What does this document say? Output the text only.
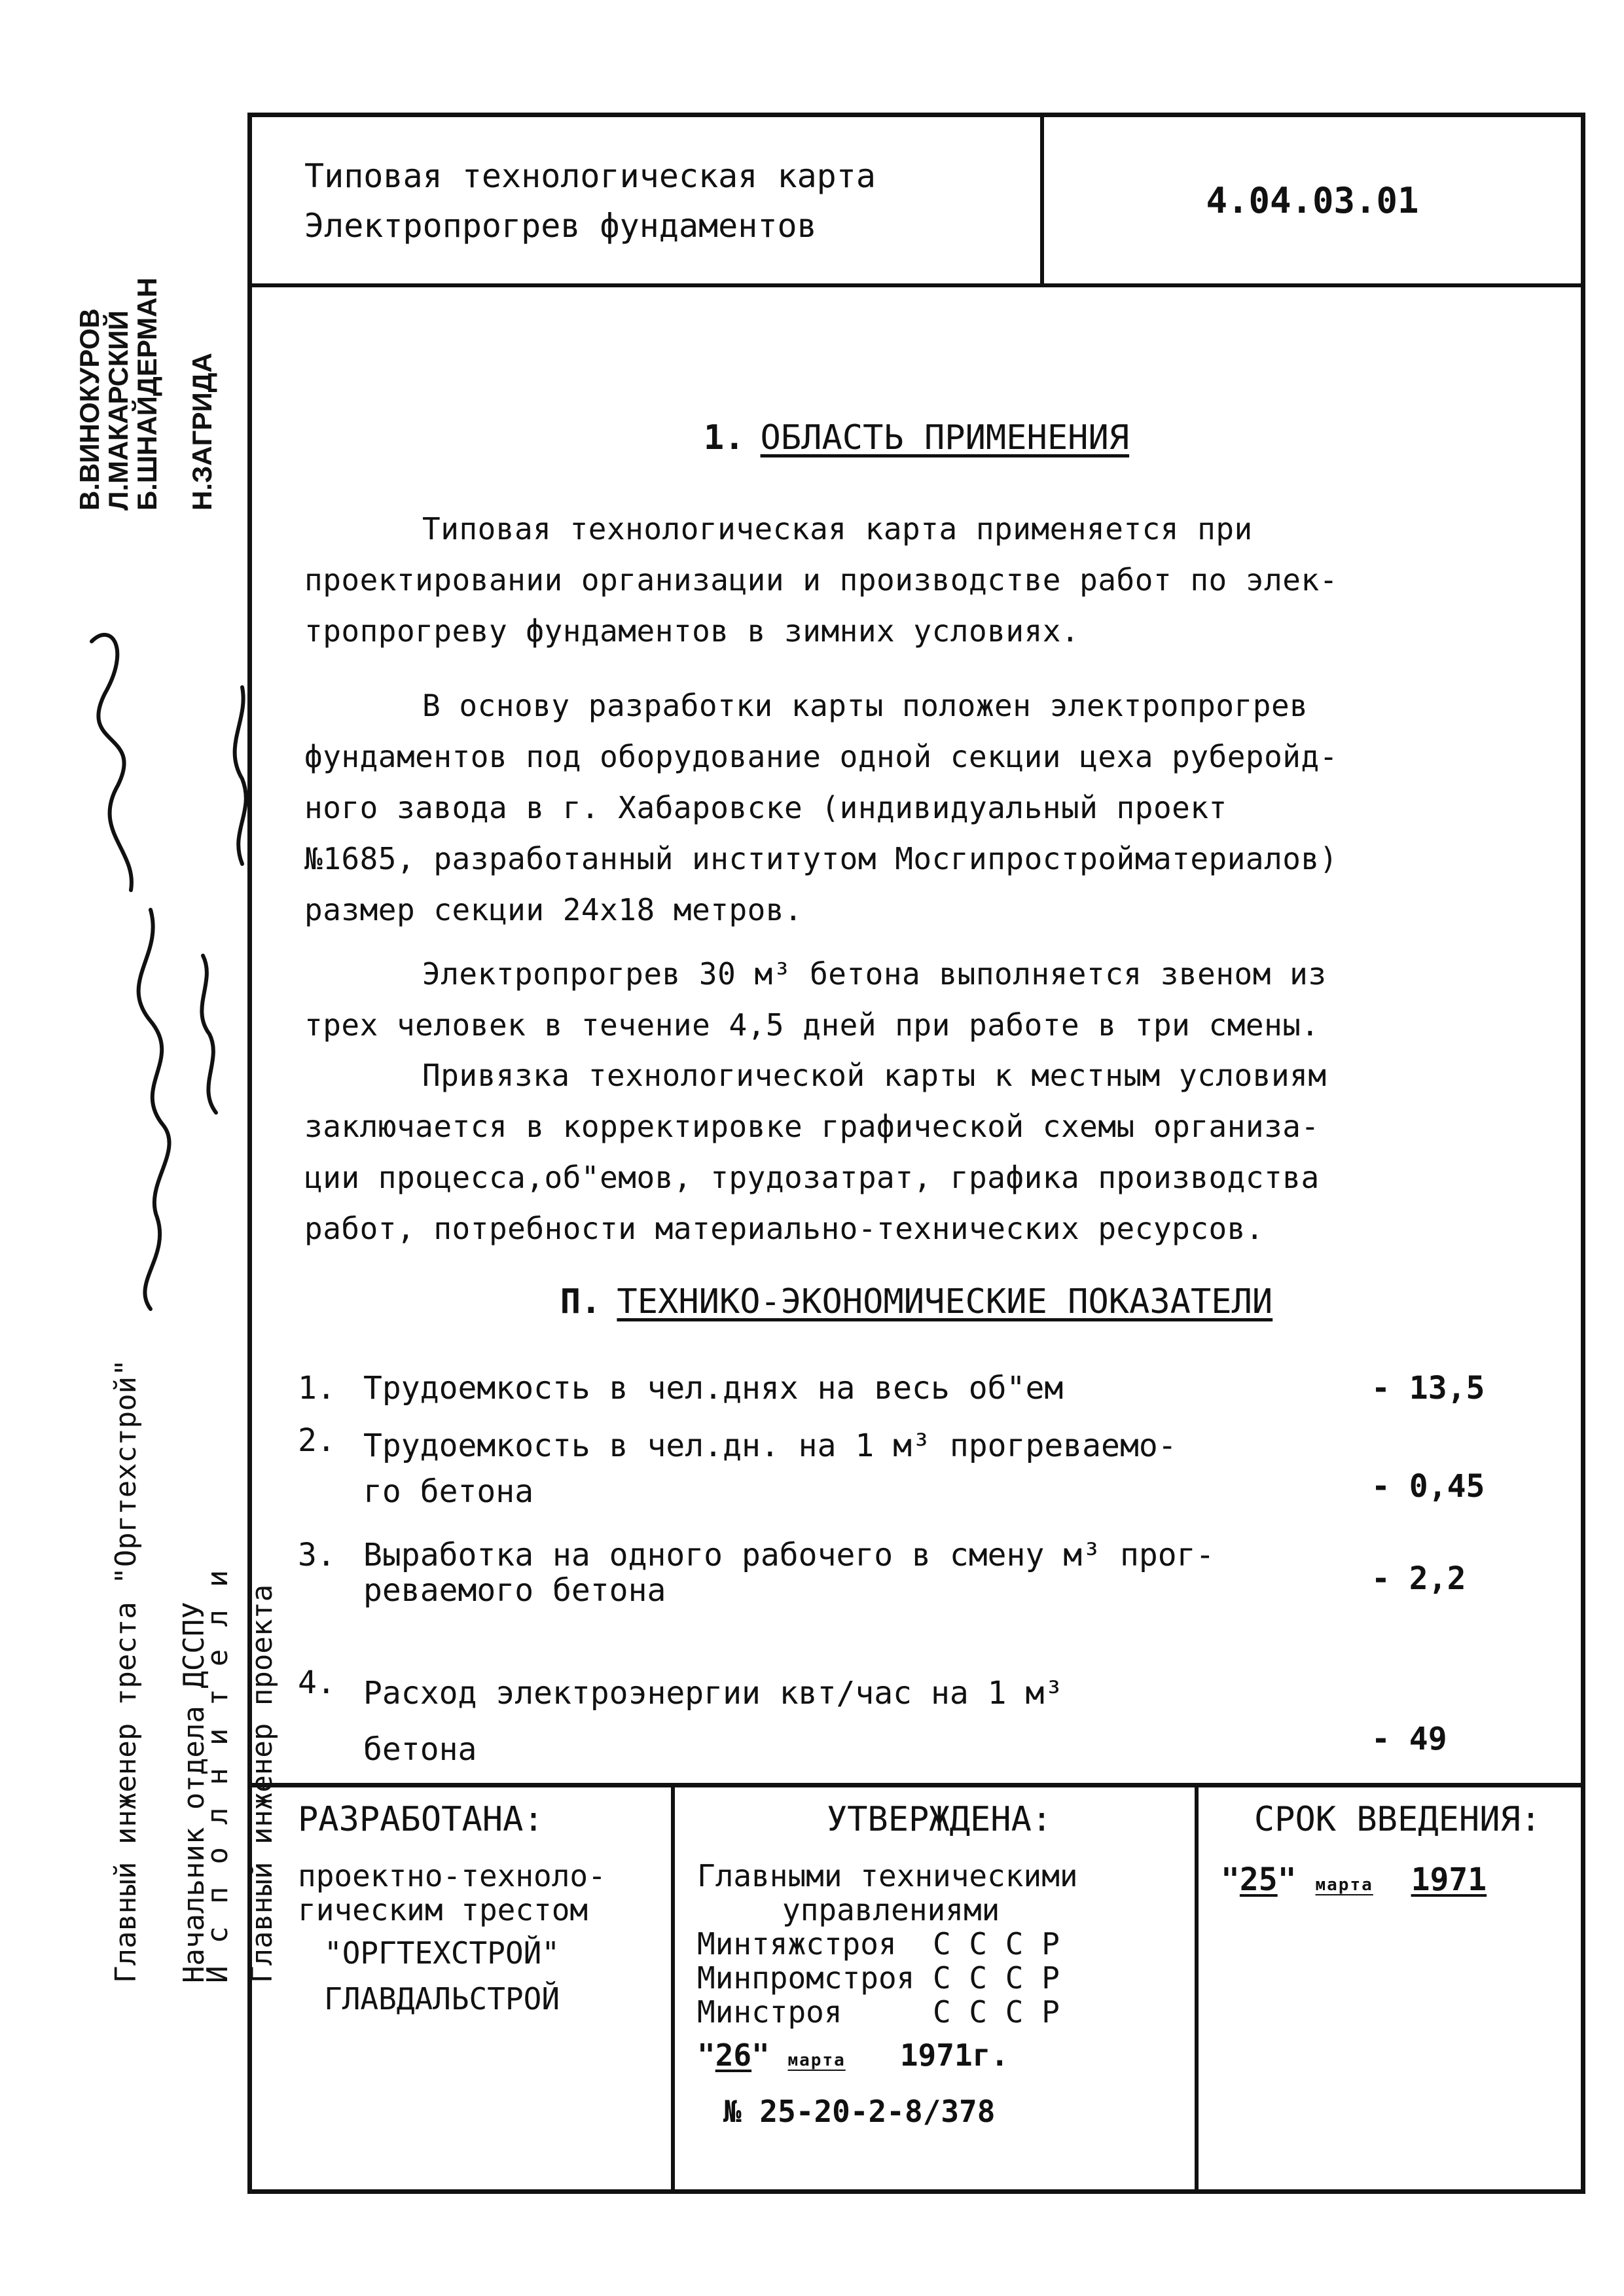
Главный инженер треста "Оргтехстрой" Начальник отдела ДССПУ Главный инженер проекта

Исполнители
В.ВИНОКУРОВ
Л.МАКАРСКИЙ
Б.ШНАЙДЕРМАН Н.ЗАГРИДА
Типовая технологическая карта
Электропрогрев фундаментов
4.04.03.01
1. ОБЛАСТЬ ПРИМЕНЕНИЯ
Типовая технологическая карта применяется при
проектировании организации и производстве работ по элек-
тропрогреву фундаментов в зимних условиях.
В основу разработки карты положен электропрогрев
фундаментов под оборудование одной секции цеха руберойд-
ного завода в г. Хабаровске (индивидуальный проект
№1685, разработанный институтом Мосгипростройматериалов)
размер секции 24х18 метров.
Электропрогрев 30 м³ бетона выполняется звеном из
трех человек в течение 4,5 дней при работе в три смены.
Привязка технологической карты к местным условиям
заключается в корректировке графической схемы организа-
ции процесса,об"емов, трудозатрат, графика производства
работ, потребности материально-технических ресурсов.
П. ТЕХНИКО-ЭКОНОМИЧЕСКИЕ ПОКАЗАТЕЛИ
1. Трудоемкость в чел.днях на весь об"ем	- 13,5
2. Трудоемкость в чел.дн. на 1 м³ прогреваемо-
го бетона	- 0,45
3. Выработка на одного рабочего в смену м³ прог-
реваемого бетона	- 2,2
4. Расход электроэнергии квт/час на 1 м³
бетона	- 49
РАЗРАБОТАНА:
проектно-техноло-
гическим трестом
"ОРГТЕХСТРОЙ"
ГЛАВДАЛЬСТРОЙ
УТВЕРЖДЕНА:
Главными техническими
управлениями
Минтяжстроя  С С С Р
Минпромстроя С С С Р
Минстроя     С С С Р
"26" марта 1971г.
№ 25-20-2-8/378
СРОК ВВЕДЕНИЯ:
"25" марта 1971
